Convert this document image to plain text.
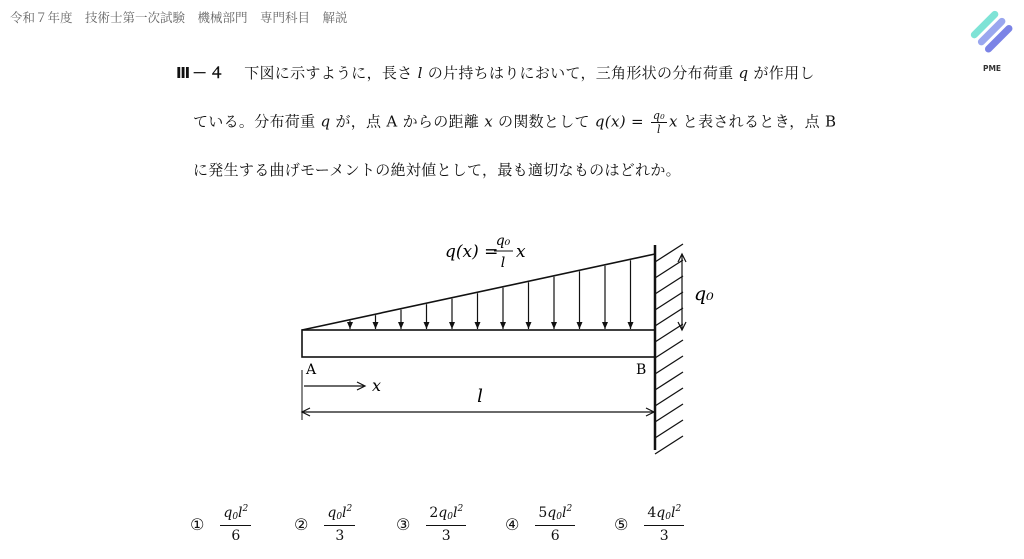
令和７年度　技術士第一次試験　機械部門　専門科目　解説
PME
Ⅲ－４ 下図に示すように，長さ l の片持ちはりにおいて，三角形状の分布荷重 q が作用し
ている。分布荷重 q が，点 A からの距離 x の関数として $q(x) = \frac{\text{q₀}}{l}$ x と表されるとき，点 B
に発生する曲げモーメントの絶対値として，最も適切なものはどれか。
q₀
q(x) =
q₀
l
x
A	B
x
l
① $\frac{q_0l^2}{6}$	② $\frac{q_0l^2}{3}$	③ $\frac{2q_0l^2}{3}$ ④ $\frac{5q_0l^2}{6}$ ⑤ $\frac{4q_0l^2}{3}$
